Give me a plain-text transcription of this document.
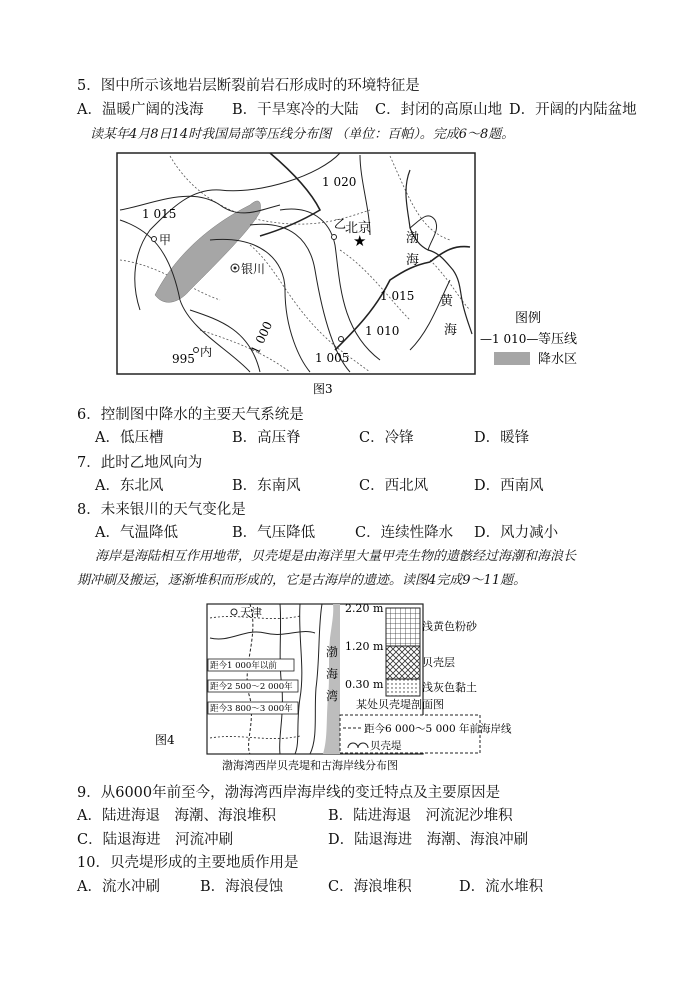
5．图中所示该地岩层断裂前岩石形成时的环境特征是
A．温暖广阔的浅海 B．干旱寒冷的大陆 C．封闭的高原山地 D．开阔的内陆盆地
读某年4月8日14时我国局部等压线分布图 （单位：百帕）。完成6～8题。
1 020
1 015
1 015
1 010
1 005
1 000
995
甲
乙
内
北京
★
银川
渤
海
黄
海
图例
—1 010— 等压线
降水区
图3
6．控制图中降水的主要天气系统是
A．低压槽	B．高压脊	C．冷锋	D．暖锋
7．此时乙地风向为
A．东北风	B．东南风	C．西北风	D．西南风
8．未来银川的天气变化是
A．气温降低	B．气压降低	C．连续性降水 D．风力减小
海岸是海陆相互作用地带，贝壳堤是由海洋里大量甲壳生物的遗骸经过海潮和海浪长
期冲刷及搬运，逐渐堆积而形成的，它是古海岸的遗迹。读图4完成9～11题。
天津
渤
海
湾
距今1 000年以前
距今2 500～2 000年
距今3 800～3 000年
2.20 m
1.20 m
0.30 m
浅黄色粉砂
贝壳层
浅灰色黏土
某处贝壳堤剖面图
距今6 000～5 000 年前海岸线
贝壳堤
图4
渤海湾西岸贝壳堤和古海岸线分布图
9．从6000年前至今，渤海湾西岸海岸线的变迁特点及主要原因是
A．陆进海退　海潮、海浪堆积	B．陆进海退　河流泥沙堆积
C．陆退海进　河流冲刷	D．陆退海进　海潮、海浪冲刷
10．贝壳堤形成的主要地质作用是
A．流水冲刷	B．海浪侵蚀	C．海浪堆积	D．流水堆积
